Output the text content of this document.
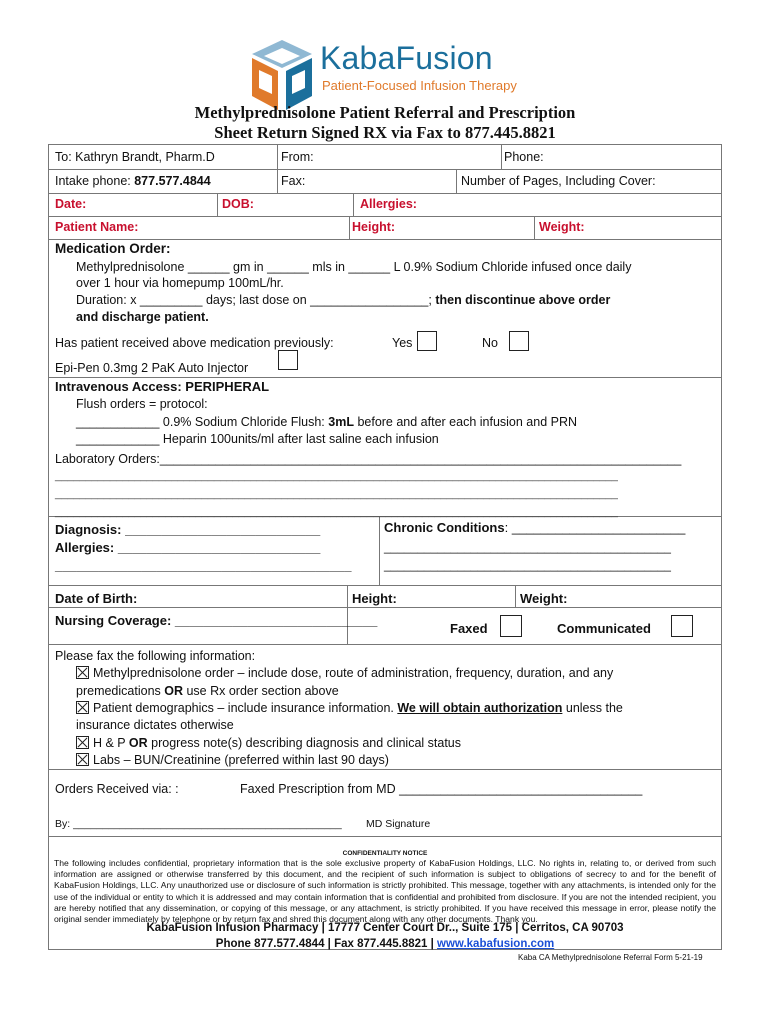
KabaFusion
Patient-Focused Infusion Therapy
Methylprednisolone Patient Referral and Prescription
Sheet Return Signed RX via Fax to 877.445.8821
To: Kathryn Brandt, Pharm.D	From:	Phone:
Intake phone: 877.577.4844	Fax:	Number of Pages, Including Cover:
Date:	DOB:	Allergies:
Patient Name:	Height:	Weight:
Medication Order:
Methylprednisolone ______ gm in ______ mls in ______ L 0.9% Sodium Chloride infused once daily
over 1 hour via homepump 100mL/hr.
Duration: x _________ days; last dose on _________________; then discontinue above order
and discharge patient.
Has patient received above medication previously:	Yes	No
Epi-Pen 0.3mg 2 PaK Auto Injector
Intravenous Access: PERIPHERAL
Flush orders = protocol:
____________ 0.9% Sodium Chloride Flush: 3mL before and after each infusion and PRN
____________ Heparin 100units/ml after last saline each infusion
Laboratory Orders:___________________________________________________________________________
____________________________________________________________________________________________
____________________________________________________________________________________________
____________________________________________________________________________________________
Diagnosis: ___________________________
Allergies: ____________________________
_________________________________________
Chronic Conditions: ________________________
___________________________________________
___________________________________________
Date of Birth:	Height:	Weight:
Nursing Coverage: ____________________________
Faxed	Communicated
Please fax the following information:
Methylprednisolone order – include dose, route of administration, frequency, duration, and any
premedications OR use Rx order section above
Patient demographics – include insurance information. We will obtain authorization unless the
insurance dictates otherwise
H & P OR progress note(s) describing diagnosis and clinical status
Labs – BUN/Creatinine (preferred within last 90 days)
Orders Received via: :	Faxed Prescription from MD ___________________________________
By: ______________________________________________ MD Signature
CONFIDENTIALITY NOTICE
The following includes confidential, proprietary information that is the sole exclusive property of KabaFusion Holdings, LLC. No rights in, relating to, or derived from such information are assigned or otherwise transferred by this document, and the recipient of such information is subject to obligations of secrecy to and for the benefit of KabaFusion Holdings, LLC. Any unauthorized use or disclosure of such information is strictly prohibited. This message, together with any attachments, is intended only for the use of the individual or entity to which it is addressed and may contain information that is confidential and prohibited from disclosure. If you are not the intended recipient, you are hereby notified that any dissemination, or copying of this message, or any attachment, is strictly prohibited. If you have received this message in error, please notify the original sender immediately by telephone or by return fax and shred this document along with any other documents. Thank you.
KabaFusion Infusion Pharmacy | 17777 Center Court Dr.., Suite 175 | Cerritos, CA 90703
Phone 877.577.4844 | Fax 877.445.8821 | www.kabafusion.com
Kaba CA Methylprednisolone Referral Form 5-21-19
